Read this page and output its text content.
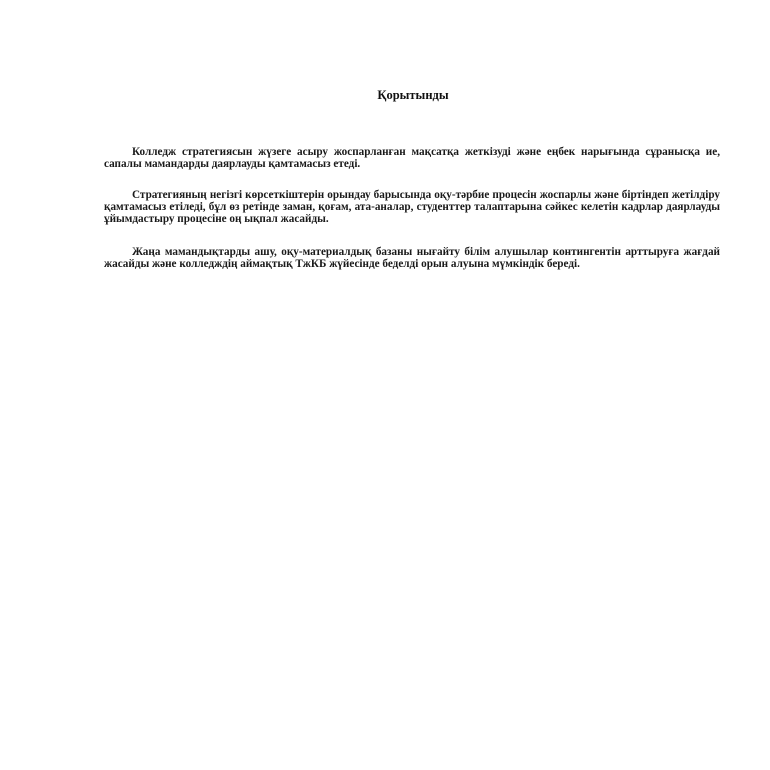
Қорытынды

Колледж стратегиясын жүзеге асыру жоспарланған мақсатқа жеткізуді және еңбек нарығында сұранысқа ие, сапалы мамандарды даярлауды қамтамасыз етеді.

Стратегияның негізгі көрсеткіштерін орындау барысында оқу-тәрбие процесін жоспарлы және біртіндеп жетілдіру қамтамасыз етіледі, бұл өз ретінде заман, қоғам, ата-аналар, студенттер талаптарына сәйкес келетін кадрлар даярлауды ұйымдастыру процесіне оң ықпал жасайды.

Жаңа мамандықтарды ашу, оқу-материалдық базаны нығайту білім алушылар контингентін арттыруға жағдай жасайды және колледждің аймақтық ТжКБ жүйесінде беделді орын алуына мүмкіндік береді.
